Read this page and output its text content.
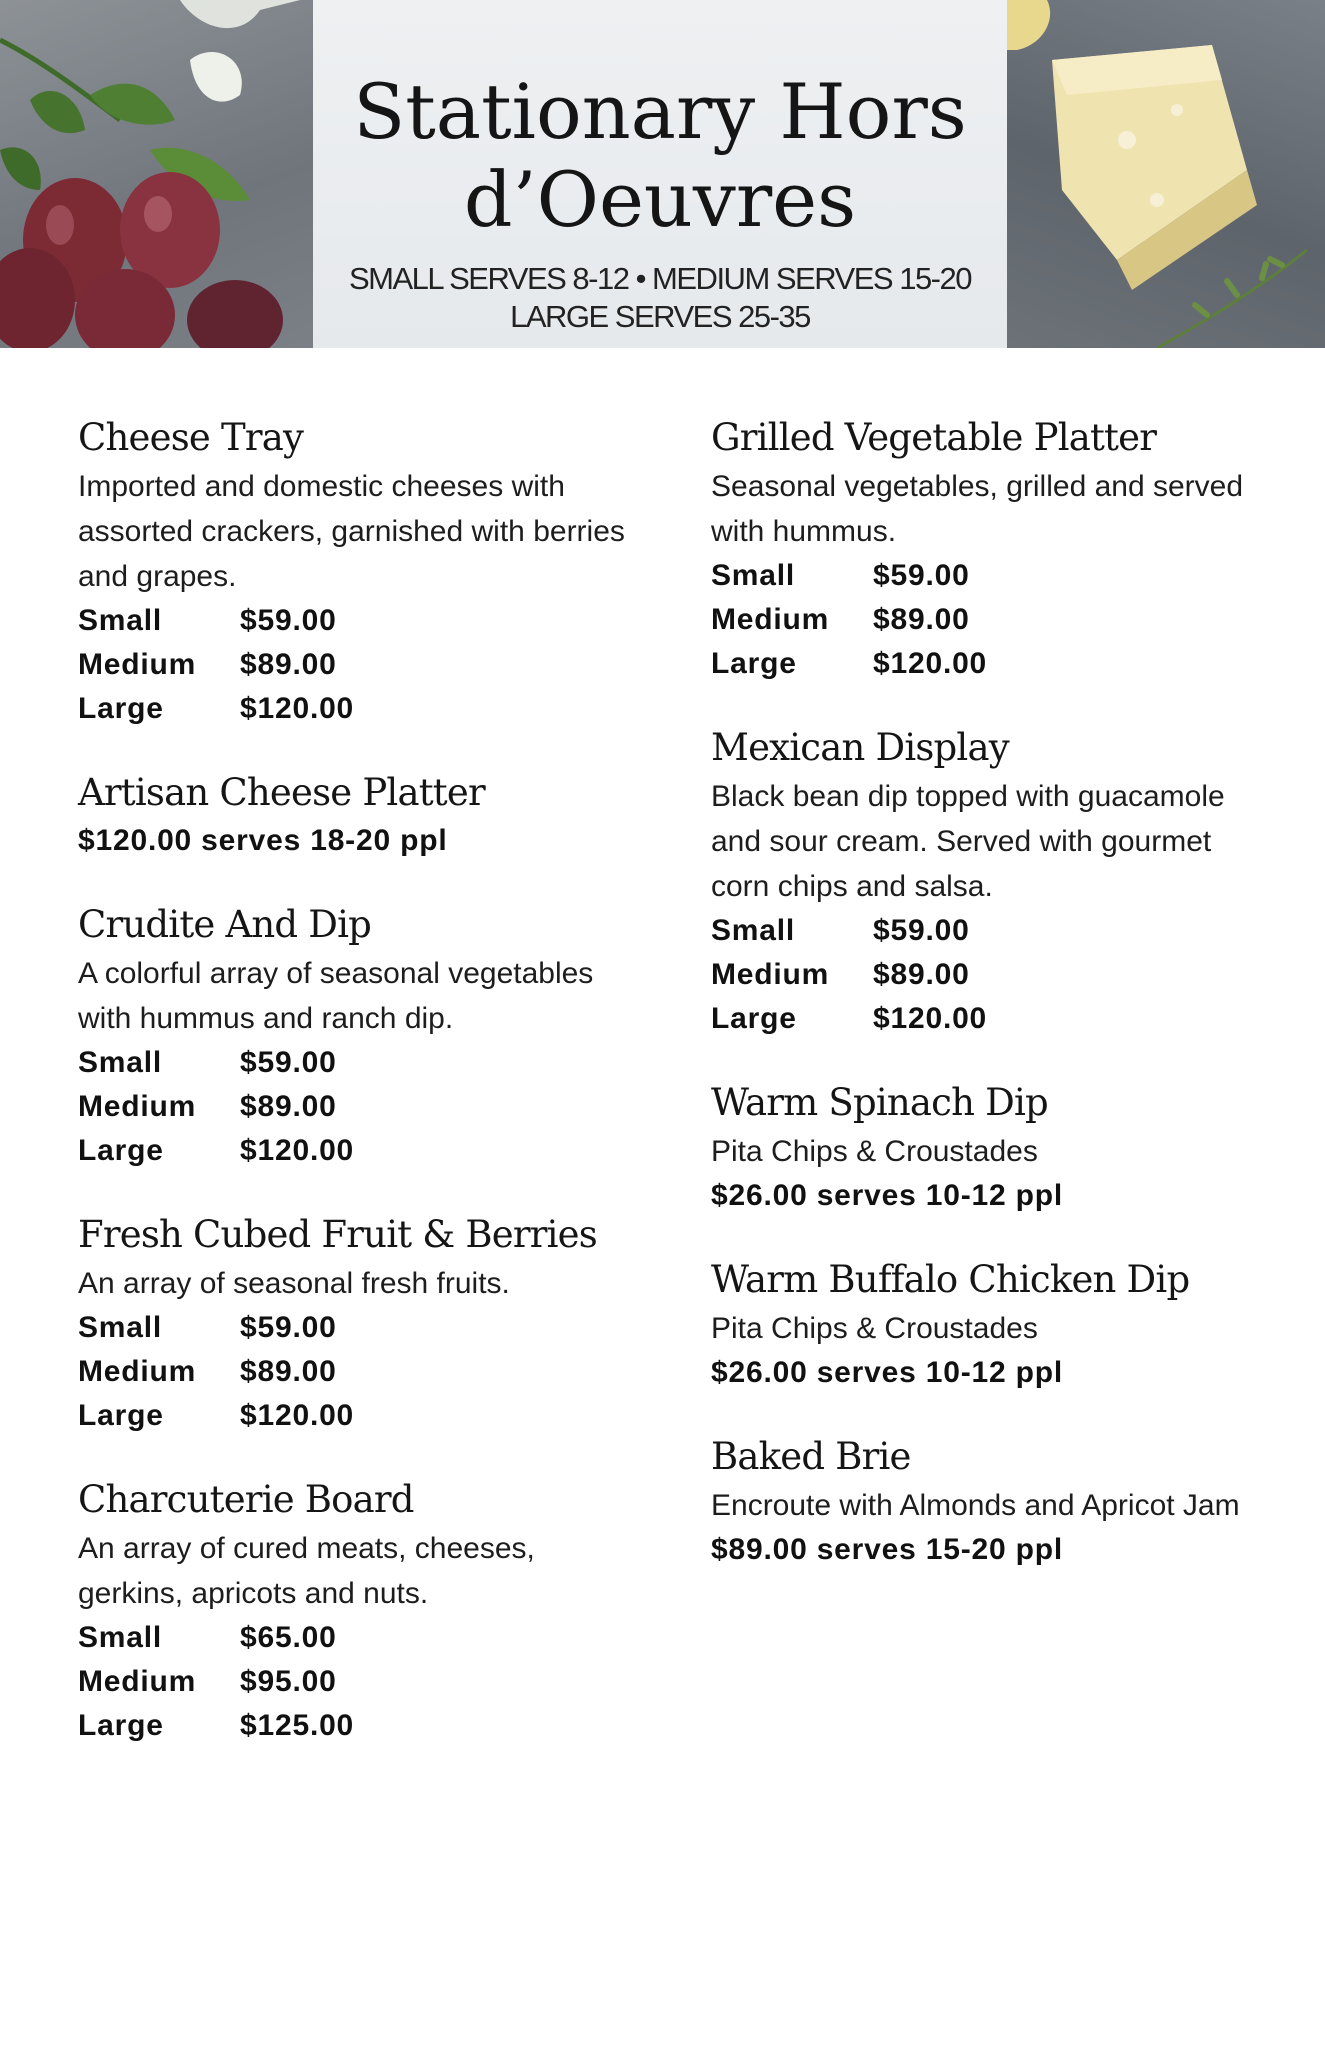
Stationary Hors
d’Oeuvres

SMALL SERVES 8-12 • MEDIUM SERVES 15-20

LARGE SERVES 25-35

Cheese Tray

Imported and domestic cheeses with assorted crackers, garnished with berries and grapes.

Small	$59.00
Medium	$89.00
Large	$120.00

Artisan Cheese Platter

$120.00 serves 18-20 ppl

Crudite And Dip

A colorful array of seasonal vegetables with hummus and ranch dip.

Small	$59.00
Medium	$89.00
Large	$120.00

Fresh Cubed Fruit & Berries

An array of seasonal fresh fruits.

Small	$59.00
Medium	$89.00
Large	$120.00

Charcuterie Board

An array of cured meats, cheeses, gerkins, apricots and nuts.

Small	$65.00
Medium	$95.00
Large	$125.00

Grilled Vegetable Platter

Seasonal vegetables, grilled and served with hummus.

Small	$59.00
Medium	$89.00
Large	$120.00

Mexican Display

Black bean dip topped with guacamole and sour cream. Served with gourmet corn chips and salsa.

Small	$59.00
Medium	$89.00
Large	$120.00

Warm Spinach Dip

Pita Chips & Croustades

$26.00 serves 10-12 ppl

Warm Buffalo Chicken Dip

Pita Chips & Croustades

$26.00 serves 10-12 ppl

Baked Brie

Encroute with Almonds and Apricot Jam

$89.00 serves 15-20 ppl
